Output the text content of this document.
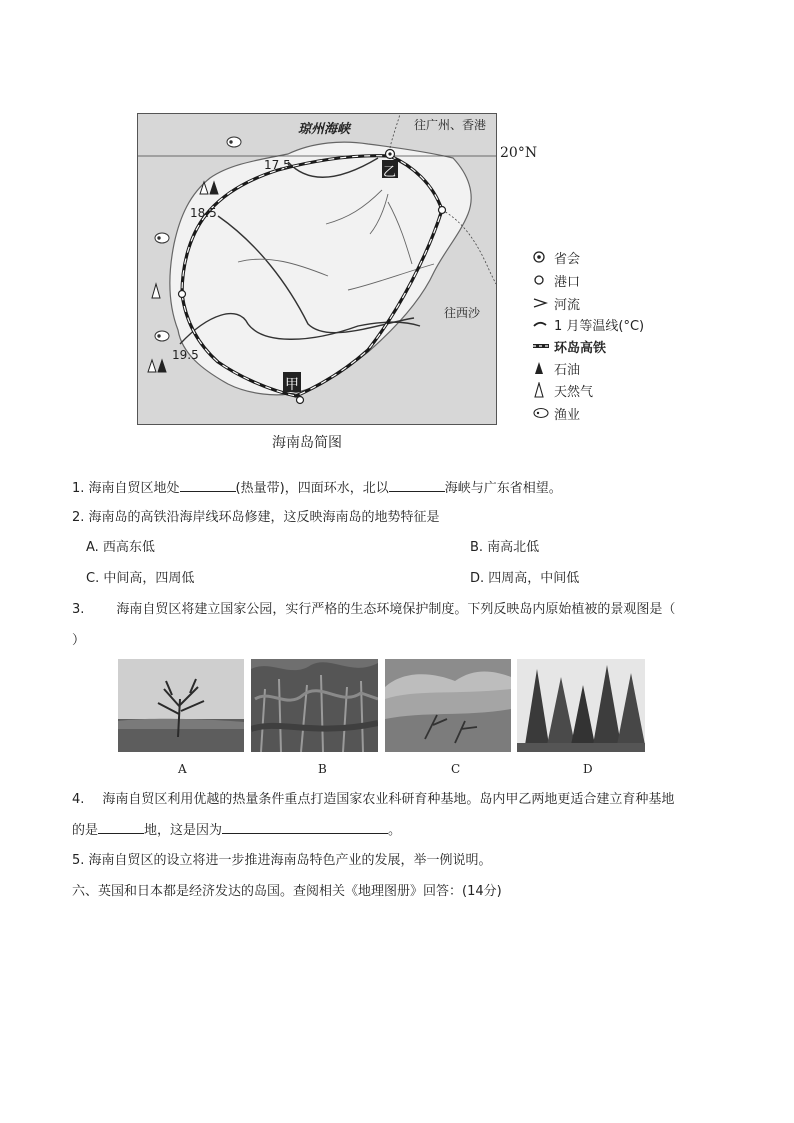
琼州海峡	往广州、香港
往西沙
17.5
18.5
19.5
乙
甲
20°N
海南岛简图
省会
港口
河流
1 月等温线(°C)
环岛高铁
石油
天然气
渔业
1. 海南自贸区地处	(热量带)，四面环水，北以	海峡与广东省相望。
2. 海南岛的高铁沿海岸线环岛修建，这反映海南岛的地势特征是
A. 西高东低	B. 南高北低
C. 中间高，四周低	D. 四周高，中间低
3. 海南自贸区将建立国家公园，实行严格的生态环境保护制度。下列反映岛内原始植被的景观图是（
）
A	B	C	D
4. 海南自贸区利用优越的热量条件重点打造国家农业科研育种基地。岛内甲乙两地更适合建立育种基地
的是	地，这是因为	。
5. 海南自贸区的设立将进一步推进海南岛特色产业的发展，举一例说明。
六、英国和日本都是经济发达的岛国。查阅相关《地理图册》回答：(14分)
